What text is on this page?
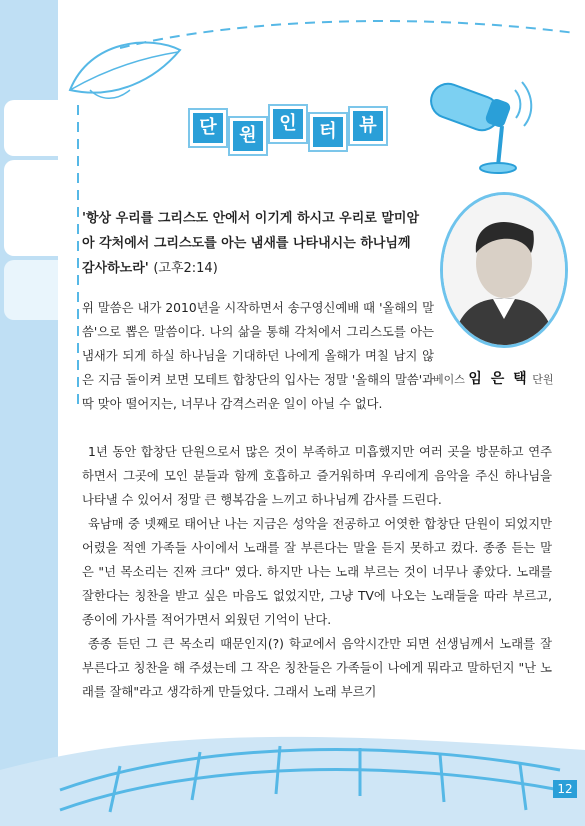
단	원
인	터	뷰
'항상 우리를 그리스도 안에서 이기게 하시고 우리로 말미암아 각처에서 그리스도를 아는 냄새를 나타내시는 하나님께 감사하노라' (고후2:14)
베이스 임 은 택 단원
위 말씀은 내가 2010년을 시작하면서 송구영신예배 때 '올해의 말씀'으로 뽑은 말씀이다. 나의 삶을 통해 각처에서 그리스도를 아는 냄새가 되게 하실 하나님을 기대하던 나에게 올해가 며칠 남지 않은 지금 돌이켜 보면 모테트 합창단의 입사는 정말 '올해의 말씀'과 딱 맞아 떨어지는, 너무나 감격스러운 일이 아닐 수 없다.

1년 동안 합창단 단원으로서 많은 것이 부족하고 미흡했지만 여러 곳을 방문하고 연주하면서 그곳에 모인 분들과 함께 호흡하고 즐거워하며 우리에게 음악을 주신 하나님을 나타낼 수 있어서 정말 큰 행복감을 느끼고 하나님께 감사를 드린다.

육남매 중 넷째로 태어난 나는 지금은 성악을 전공하고 어엿한 합창단 단원이 되었지만 어렸을 적엔 가족들 사이에서 노래를 잘 부른다는 말을 듣지 못하고 컸다. 종종 듣는 말은 "넌 목소리는 진짜 크다" 였다. 하지만 나는 노래 부르는 것이 너무나 좋았다. 노래를 잘한다는 칭찬을 받고 싶은 마음도 없었지만, 그냥 TV에 나오는 노래들을 따라 부르고, 종이에 가사를 적어가면서 외웠던 기억이 난다.

종종 듣던 그 큰 목소리 때문인지(?) 학교에서 음악시간만 되면 선생님께서 노래를 잘 부른다고 칭찬을 해 주셨는데 그 작은 칭찬들은 가족들이 나에게 뭐라고 말하던지 "난 노래를 잘해"라고 생각하게 만들었다. 그래서 노래 부르기

12
